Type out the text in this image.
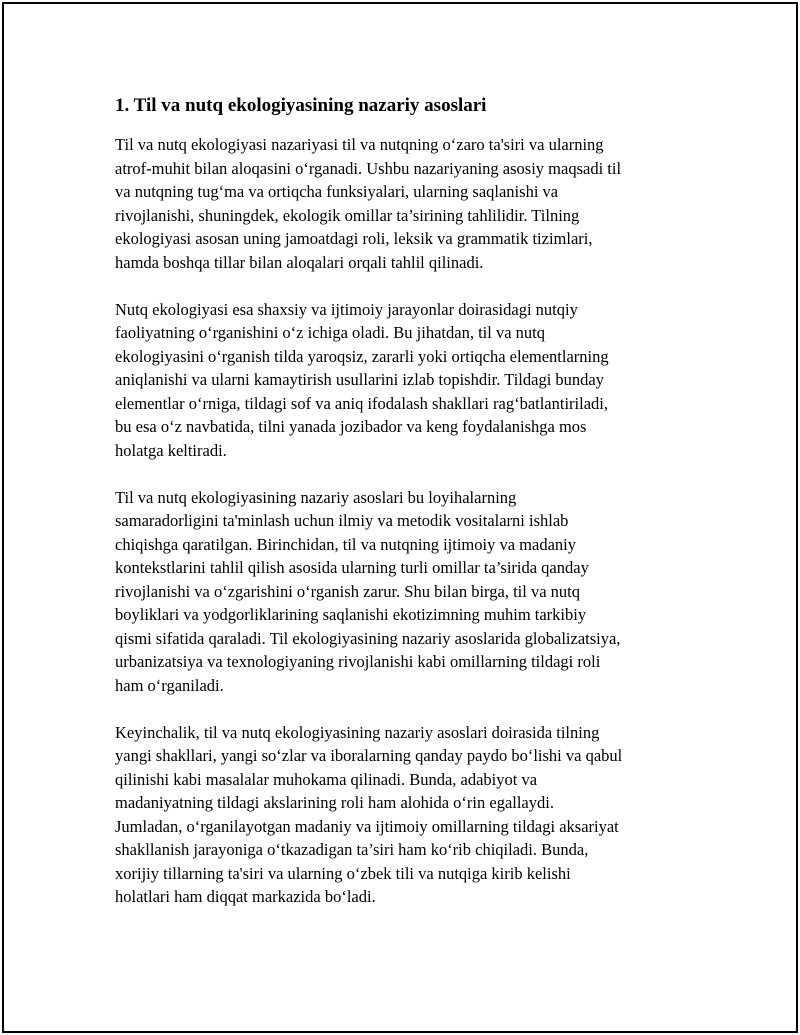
1. Til va nutq ekologiyasining nazariy asoslari
Til va nutq ekologiyasi nazariyasi til va nutqning o‘zaro ta'siri va ularning
atrof-muhit bilan aloqasini o‘rganadi. Ushbu nazariyaning asosiy maqsadi til
va nutqning tug‘ma va ortiqcha funksiyalari, ularning saqlanishi va
rivojlanishi, shuningdek, ekologik omillar ta’sirining tahlilidir. Tilning
ekologiyasi asosan uning jamoatdagi roli, leksik va grammatik tizimlari,
hamda boshqa tillar bilan aloqalari orqali tahlil qilinadi.
Nutq ekologiyasi esa shaxsiy va ijtimoiy jarayonlar doirasidagi nutqiy
faoliyatning o‘rganishini o‘z ichiga oladi. Bu jihatdan, til va nutq
ekologiyasini o‘rganish tilda yaroqsiz, zararli yoki ortiqcha elementlarning
aniqlanishi va ularni kamaytirish usullarini izlab topishdir. Tildagi bunday
elementlar o‘rniga, tildagi sof va aniq ifodalash shakllari rag‘batlantiriladi,
bu esa o‘z navbatida, tilni yanada jozibador va keng foydalanishga mos
holatga keltiradi.
Til va nutq ekologiyasining nazariy asoslari bu loyihalarning
samaradorligini ta'minlash uchun ilmiy va metodik vositalarni ishlab
chiqishga qaratilgan. Birinchidan, til va nutqning ijtimoiy va madaniy
kontekstlarini tahlil qilish asosida ularning turli omillar ta’sirida qanday
rivojlanishi va o‘zgarishini o‘rganish zarur. Shu bilan birga, til va nutq
boyliklari va yodgorliklarining saqlanishi ekotizimning muhim tarkibiy
qismi sifatida qaraladi. Til ekologiyasining nazariy asoslarida globalizatsiya,
urbanizatsiya va texnologiyaning rivojlanishi kabi omillarning tildagi roli
ham o‘rganiladi.
Keyinchalik, til va nutq ekologiyasining nazariy asoslari doirasida tilning
yangi shakllari, yangi so‘zlar va iboralarning qanday paydo bo‘lishi va qabul
qilinishi kabi masalalar muhokama qilinadi. Bunda, adabiyot va
madaniyatning tildagi akslarining roli ham alohida o‘rin egallaydi.
Jumladan, o‘rganilayotgan madaniy va ijtimoiy omillarning tildagi aksariyat
shakllanish jarayoniga o‘tkazadigan ta’siri ham ko‘rib chiqiladi. Bunda,
xorijiy tillarning ta'siri va ularning o‘zbek tili va nutqiga kirib kelishi
holatlari ham diqqat markazida bo‘ladi.
